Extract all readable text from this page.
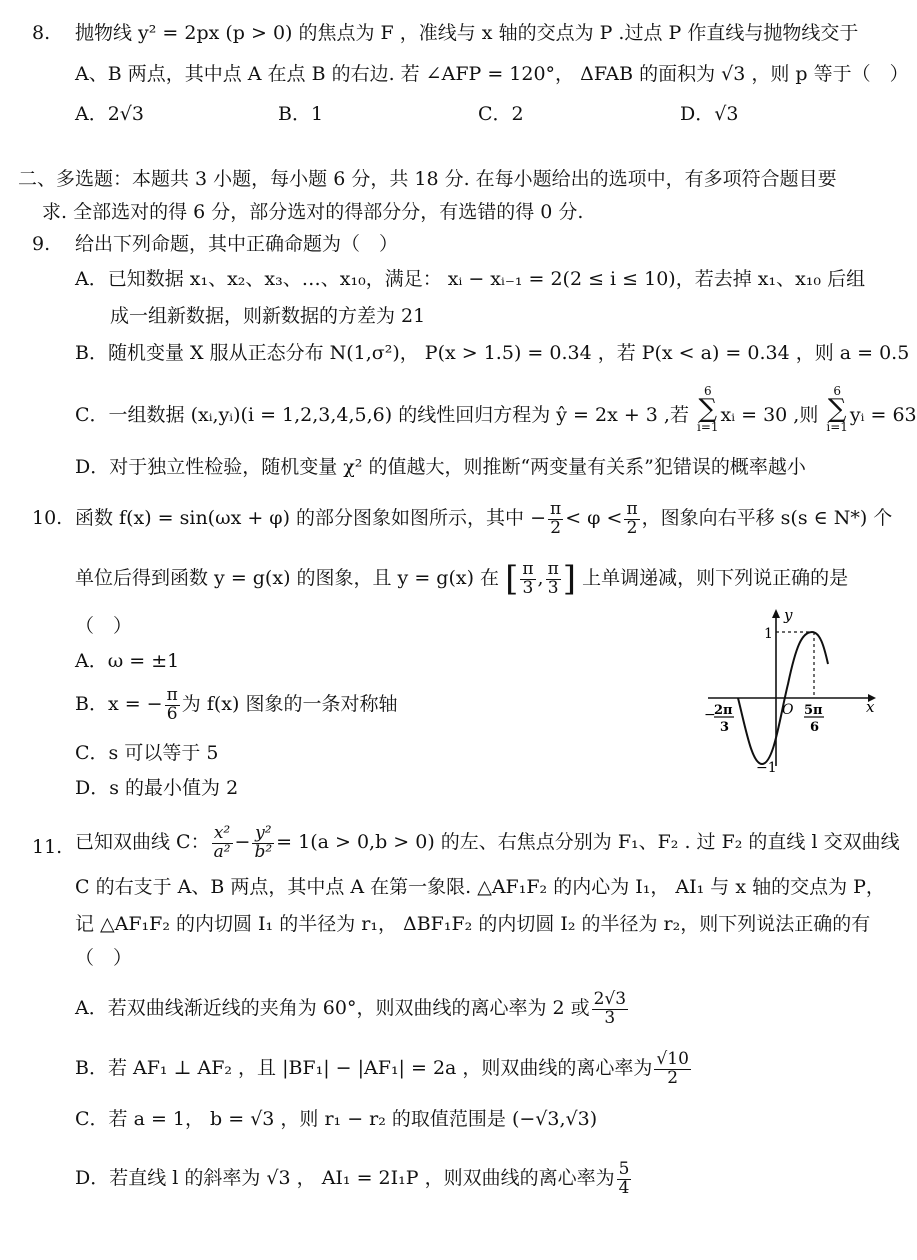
8. 抛物线 y² = 2px (p > 0) 的焦点为 F ，准线与 x 轴的交点为 P .过点 P 作直线与抛物线交于
A、B 两点，其中点 A 在点 B 的右边. 若 ∠AFP = 120°， ΔFAB 的面积为 √3 ，则 p 等于（　）
A．2√3	B．1	C．2	D．√3
二、多选题：本题共 3 小题，每小题 6 分，共 18 分. 在每小题给出的选项中，有多项符合题目要
求. 全部选对的得 6 分，部分选对的得部分分，有选错的得 0 分.
9. 给出下列命题，其中正确命题为（　）
A．已知数据 x₁、x₂、x₃、…、x₁₀，满足： xᵢ − xᵢ₋₁ = 2(2 ≤ i ≤ 10)，若去掉 x₁、x₁₀ 后组
成一组新数据，则新数据的方差为 21
B．随机变量 X 服从正态分布 N(1,σ²)， P(x > 1.5) = 0.34 ，若 P(x < a) = 0.34 ，则 a = 0.5
C．一组数据 (xᵢ,yᵢ)(i = 1,2,3,4,5,6) 的线性回归方程为 ŷ = 2x + 3 ,若
6
∑
i=1
xᵢ = 30 ,则
6
∑
i=1
yᵢ = 63
D．对于独立性检验，随机变量 χ² 的值越大，则推断“两变量有关系”犯错误的概率越小
10. 函数 f(x) = sin(ωx + φ) 的部分图象如图所示，其中 − $\frac{\pi}{2} < \varphi < \frac{\pi}{2}$ ，图象向右平移 s(s ∈ N*) 个
单位后得到函数 y = g(x) 的图象，且 y = g(x) 在 [ $\frac{\pi}{3}$ , $\frac{\pi}{3}$ ] 上单调递减，则下列说正确的是
（　）
A．ω = ±1
B．x = − $\frac{\pi}{6}$ 为 f(x) 图象的一条对称轴
C．s 可以等于 5
D．s 的最小值为 2
y
x
O
1
−1
−
2π
3
5π
6
11. 已知双曲线 C： $\frac{\text{x²}}{\text{a²}} - \frac{\text{y²}}{\text{b²}} = 1(a > 0,b > 0)$ 的左、右焦点分别为 F₁、F₂ . 过 F₂ 的直线 l 交双曲线
C 的右支于 A、B 两点，其中点 A 在第一象限. △AF₁F₂ 的内心为 I₁， AI₁ 与 x 轴的交点为 P，
记 △AF₁F₂ 的内切圆 I₁ 的半径为 r₁， ΔBF₁F₂ 的内切圆 I₂ 的半径为 r₂，则下列说法正确的有
（　）
A．若双曲线渐近线的夹角为 60°，则双曲线的离心率为 2 或 $\frac{2√3}{3}$
B．若 AF₁ ⊥ AF₂ ，且 |BF₁| − |AF₁| = 2a ，则双曲线的离心率为 $\frac{√10}{2}$
C．若 a = 1， b = √3 ，则 r₁ − r₂ 的取值范围是 (−√3,√3)
D．若直线 l 的斜率为 √3 ， AI₁ = 2I₁P ，则双曲线的离心率为 $\frac{5}{4}$
